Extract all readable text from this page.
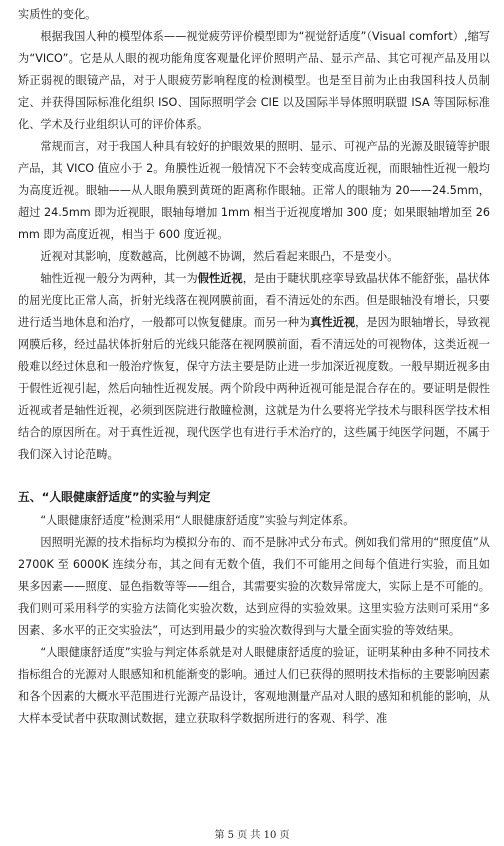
实质性的变化。

根据我国人种的模型体系——视觉疲劳评价模型即为“视觉舒适度”（Visual comfort）,缩写为“VICO”。它是从人眼的视功能角度客观量化评价照明产品、显示产品、其它可视产品及用以矫正弱视的眼镜产品，对于人眼疲劳影响程度的检测模型。也是至目前为止由我国科技人员制定、并获得国际标准化组织 ISO、国际照明学会 CIE 以及国际半导体照明联盟 ISA 等国际标准化、学术及行业组织认可的评价体系。

常规而言，对于我国人种具有较好的护眼效果的照明、显示、可视产品的光源及眼镜等护眼产品，其 VICO 值应小于 2。角膜性近视一般情况下不会转变成高度近视，而眼轴性近视一般均为高度近视。眼轴——从人眼角膜到黄斑的距离称作眼轴。正常人的眼轴为 20——24.5mm，超过 24.5mm 即为近视眼，眼轴每增加 1mm 相当于近视度增加 300 度；如果眼轴增加至 26mm 即为高度近视，相当于 600 度近视。

近视对其影响，度数越高，比例越不协调，然后看起来眼凸，不是变小。

轴性近视一般分为两种，其一为假性近视，是由于睫状肌痉挛导致晶状体不能舒张，晶状体的屈光度比正常人高，折射光线落在视网膜前面，看不清远处的东西。但是眼轴没有增长，只要进行适当地休息和治疗，一般都可以恢复健康。而另一种为真性近视，是因为眼轴增长，导致视网膜后移，经过晶状体折射后的光线只能落在视网膜前面，看不清远处的可视物体，这类近视一般难以经过休息和一般治疗恢复，保守方法主要是防止进一步加深近视度数。一般早期近视多由于假性近视引起，然后向轴性近视发展。两个阶段中两种近视可能是混合存在的。要证明是假性近视或者是轴性近视，必须到医院进行散瞳检测，这就是为什么要将光学技术与眼科医学技术相结合的原因所在。对于真性近视，现代医学也有进行手术治疗的，这些属于纯医学问题，不属于我们深入讨论范畴。

五、“人眼健康舒适度”的实验与判定

“人眼健康舒适度”检测采用“人眼健康舒适度”实验与判定体系。

因照明光源的技术指标均为模拟分布的、而不是脉冲式分布式。例如我们常用的“照度值”从 2700K 至 6000K 连续分布，其之间有无数个值，我们不可能用之间每个值进行实验，而且如果多因素——照度、显色指数等等——组合，其需要实验的次数异常庞大，实际上是不可能的。我们则可采用科学的实验方法简化实验次数，达到应得的实验效果。这里实验方法则可采用“多因素、多水平的正交实验法”，可达到用最少的实验次数得到与大量全面实验的等效结果。

“人眼健康舒适度”实验与判定体系就是对人眼健康舒适度的验证，证明某种由多种不同技术指标组合的光源对人眼感知和机能渐变的影响。通过人们已获得的照明技术指标的主要影响因素和各个因素的大概水平范围进行光源产品设计，客观地测量产品对人眼的感知和机能的影响，从大样本受试者中获取测试数据，建立获取科学数据所进行的客观、科学、准

第 5 页 共 10 页
